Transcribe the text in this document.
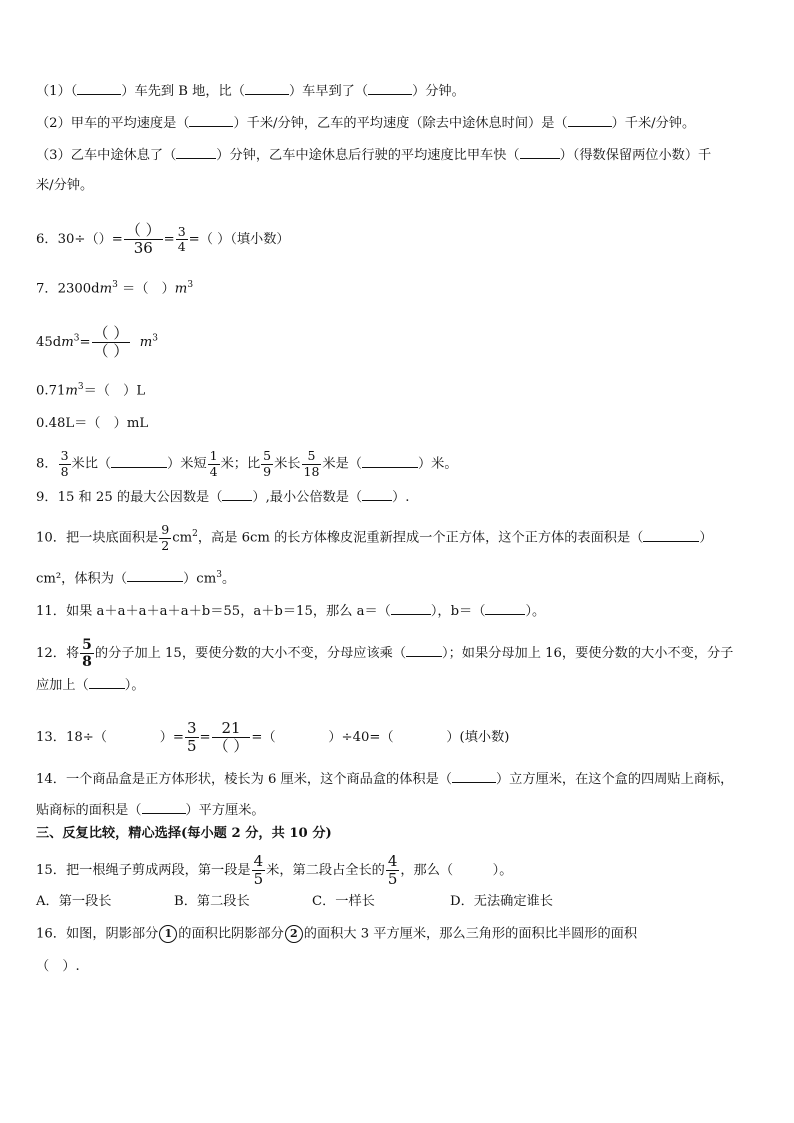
（1）（	）车先到 B 地，比（	）车早到了（	）分钟。
（2）甲车的平均速度是（	）千米/分钟，乙车的平均速度（除去中途休息时间）是（	）千米/分钟。
（3）乙车中途休息了（	）分钟，乙车中途休息后行驶的平均速度比甲车快（	）（得数保留两位小数）千
米/分钟。
6．$30\div()= \frac{( )}{36} = \frac{3}{4}$ =（ ）（填小数）
7．$2300dm^3$ ＝（　）$m^3$
$45dm^3= \frac{( )}{( )} m^3$
$0.71m^3=$（　）L
0.48L＝（　）mL
8． $\frac{3}{8}$ 米比（	）米短 $\frac{1}{4}$ 米；比 $\frac{5}{9}$ 米长 $\frac{5}{18}$ 米是（	）米。
9．15 和 25 的最大公因数是（ ）,最小公倍数是（ ）.
10．把一块底面积是 $\frac{9}{2} cm^2$，高是 6cm 的长方体橡皮泥重新捏成一个正方体，这个正方体的表面积是（	）
cm²，体积为（	）$cm^3$。
11．如果 a＋a＋a＋a＋a＋b＝55，a＋b＝15，那么 a＝（	），b＝（	）。
12．将 $\frac{5}{8}$ 的分子加上 15，要使分数的大小不变，分母应该乘（	）；如果分母加上 16，要使分数的大小不变，分子
应加上（	）。
13．18÷（　　　　）= $\frac{3}{5} = \frac{21}{( )}$ =（　　　　）÷40=（　　　　）(填小数)
14．一个商品盒是正方体形状，棱长为 6 厘米，这个商品盒的体积是（	）立方厘米，在这个盒的四周贴上商标，
贴商标的面积是（	）平方厘米。
三、反复比较，精心选择(每小题 2 分，共 10 分)
15．把一根绳子剪成两段，第一段是 $\frac{4}{5}$ 米，第二段占全长的 $\frac{4}{5}$ ，那么（　　　）。
A．第一段长	B．第二段长	C．一样长	D．无法确定谁长
16．如图，阴影部分 1 的面积比阴影部分 2 的面积大 3 平方厘米，那么三角形的面积比半圆形的面积
（　）.
